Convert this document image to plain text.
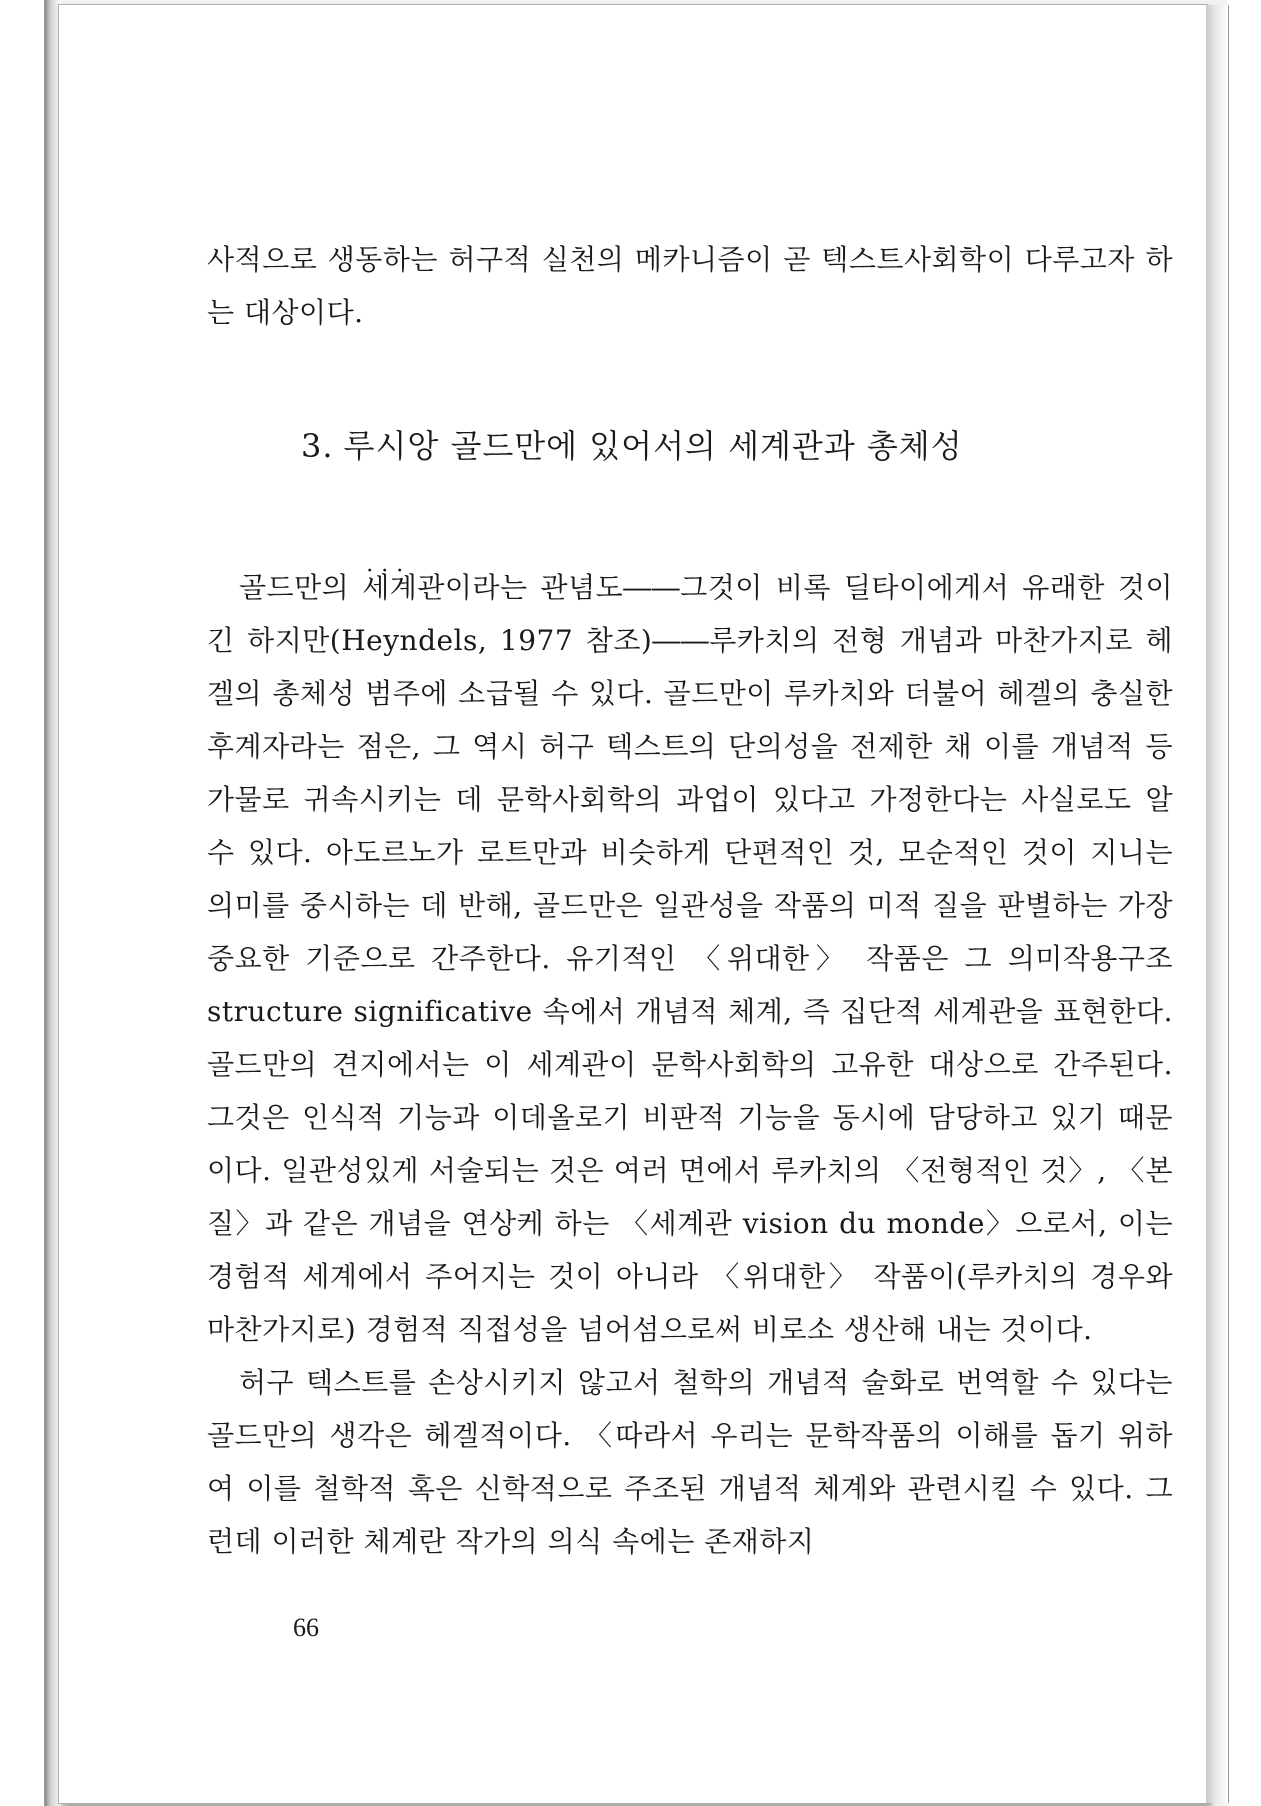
사적으로 생동하는 허구적 실천의 메카니즘이 곧 텍스트사회학이 다루고자 하는 대상이다.

3. 루시앙 골드만에 있어서의 세계관과 총체성

골드만의 ··· 세계관이라는 관념도――그것이 비록 딜타이에게서 유래한 것이긴 하지만(Heyndels, 1977 참조)――루카치의 전형 개념과 마찬가지로 헤겔의 총체성 범주에 소급될 수 있다. 골드만이 루카치와 더불어 헤겔의 충실한 후계자라는 점은, 그 역시 허구 텍스트의 단의성을 전제한 채 이를 개념적 등가물로 귀속시키는 데 문학사회학의 과업이 있다고 가정한다는 사실로도 알 수 있다. 아도르노가 로트만과 비슷하게 단편적인 것, 모순적인 것이 지니는 의미를 중시하는 데 반해, 골드만은 일관성을 작품의 미적 질을 판별하는 가장 중요한 기준으로 간주한다. 유기적인 〈위대한〉 작품은 그 의미작용구조 structure significative 속에서 개념적 체계, 즉 집단적 세계관을 표현한다. 골드만의 견지에서는 이 세계관이 문학사회학의 고유한 대상으로 간주된다. 그것은 인식적 기능과 이데올로기 비판적 기능을 동시에 담당하고 있기 때문이다. 일관성있게 서술되는 것은 여러 면에서 루카치의 〈전형적인 것〉, 〈본질〉과 같은 개념을 연상케 하는 〈세계관 vision du monde〉으로서, 이는 경험적 세계에서 주어지는 것이 아니라 〈위대한〉 작품이(루카치의 경우와 마찬가지로) 경험적 직접성을 넘어섬으로써 비로소 생산해 내는 것이다.

허구 텍스트를 손상시키지 않고서 철학의 개념적 술화로 번역할 수 있다는 골드만의 생각은 헤겔적이다. 〈따라서 우리는 문학작품의 이해를 돕기 위하여 이를 철학적 혹은 신학적으로 주조된 개념적 체계와 관련시킬 수 있다. 그런데 이러한 체계란 작가의 의식 속에는 존재하지

66
